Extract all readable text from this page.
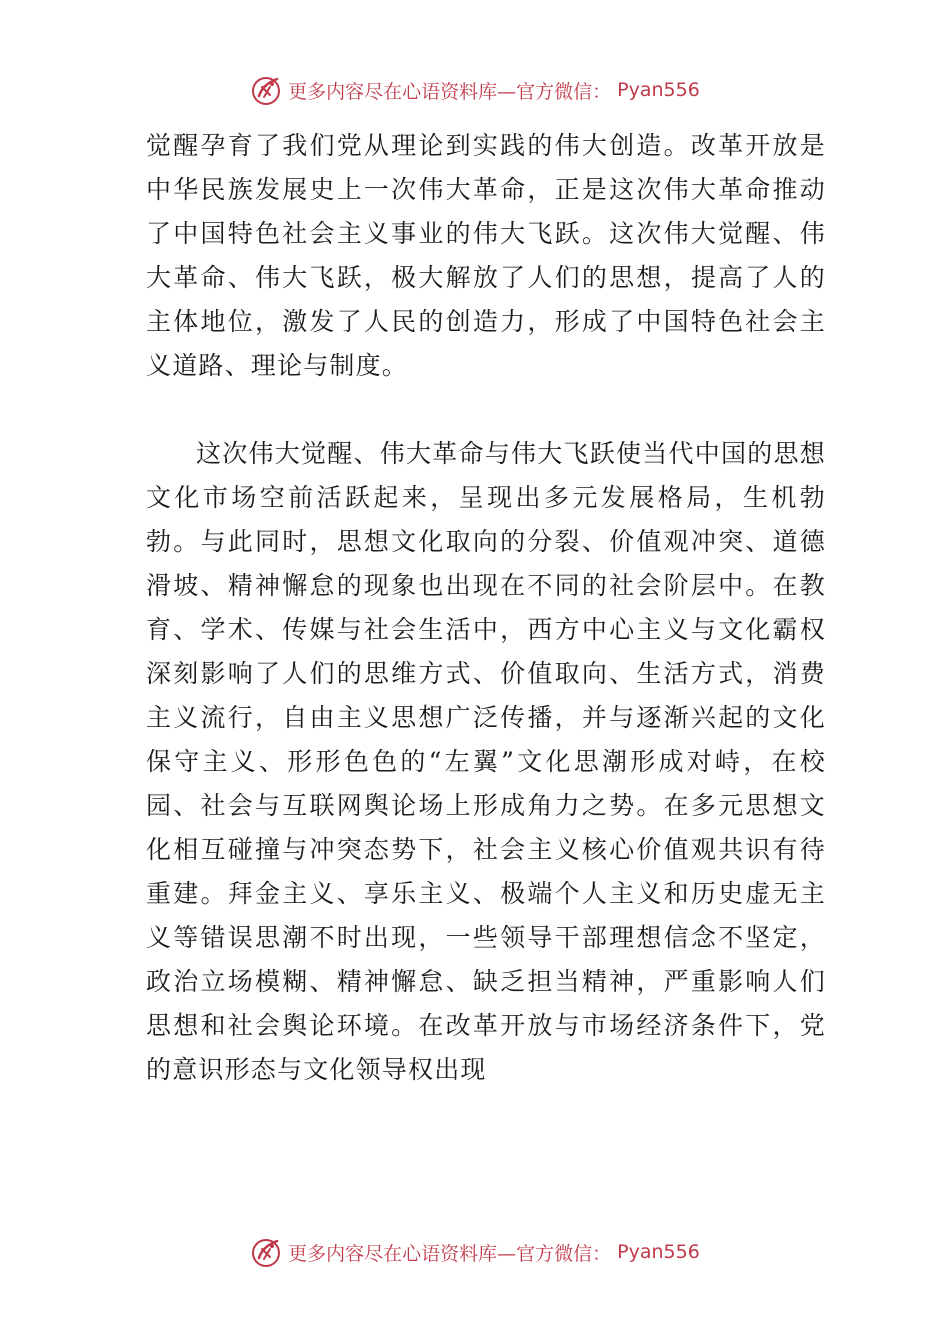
更多内容尽在心语资料库—官方微信： Pyan556

觉醒孕育了我们党从理论到实践的伟大创造。改革开放是中华民族发展史上一次伟大革命，正是这次伟大革命推动了中国特色社会主义事业的伟大飞跃。这次伟大觉醒、伟大革命、伟大飞跃，极大解放了人们的思想，提高了人的主体地位，激发了人民的创造力，形成了中国特色社会主义道路、理论与制度。

这次伟大觉醒、伟大革命与伟大飞跃使当代中国的思想文化市场空前活跃起来，呈现出多元发展格局，生机勃勃。与此同时，思想文化取向的分裂、价值观冲突、道德滑坡、精神懈怠的现象也出现在不同的社会阶层中。在教育、学术、传媒与社会生活中，西方中心主义与文化霸权深刻影响了人们的思维方式、价值取向、生活方式，消费主义流行，自由主义思想广泛传播，并与逐渐兴起的文化保守主义、形形色色的“左翼”文化思潮形成对峙，在校园、社会与互联网舆论场上形成角力之势。在多元思想文化相互碰撞与冲突态势下，社会主义核心价值观共识有待重建。拜金主义、享乐主义、极端个人主义和历史虚无主义等错误思潮不时出现，一些领导干部理想信念不坚定，政治立场模糊、精神懈怠、缺乏担当精神，严重影响人们思想和社会舆论环境。在改革开放与市场经济条件下，党的意识形态与文化领导权出现

更多内容尽在心语资料库—官方微信： Pyan556
